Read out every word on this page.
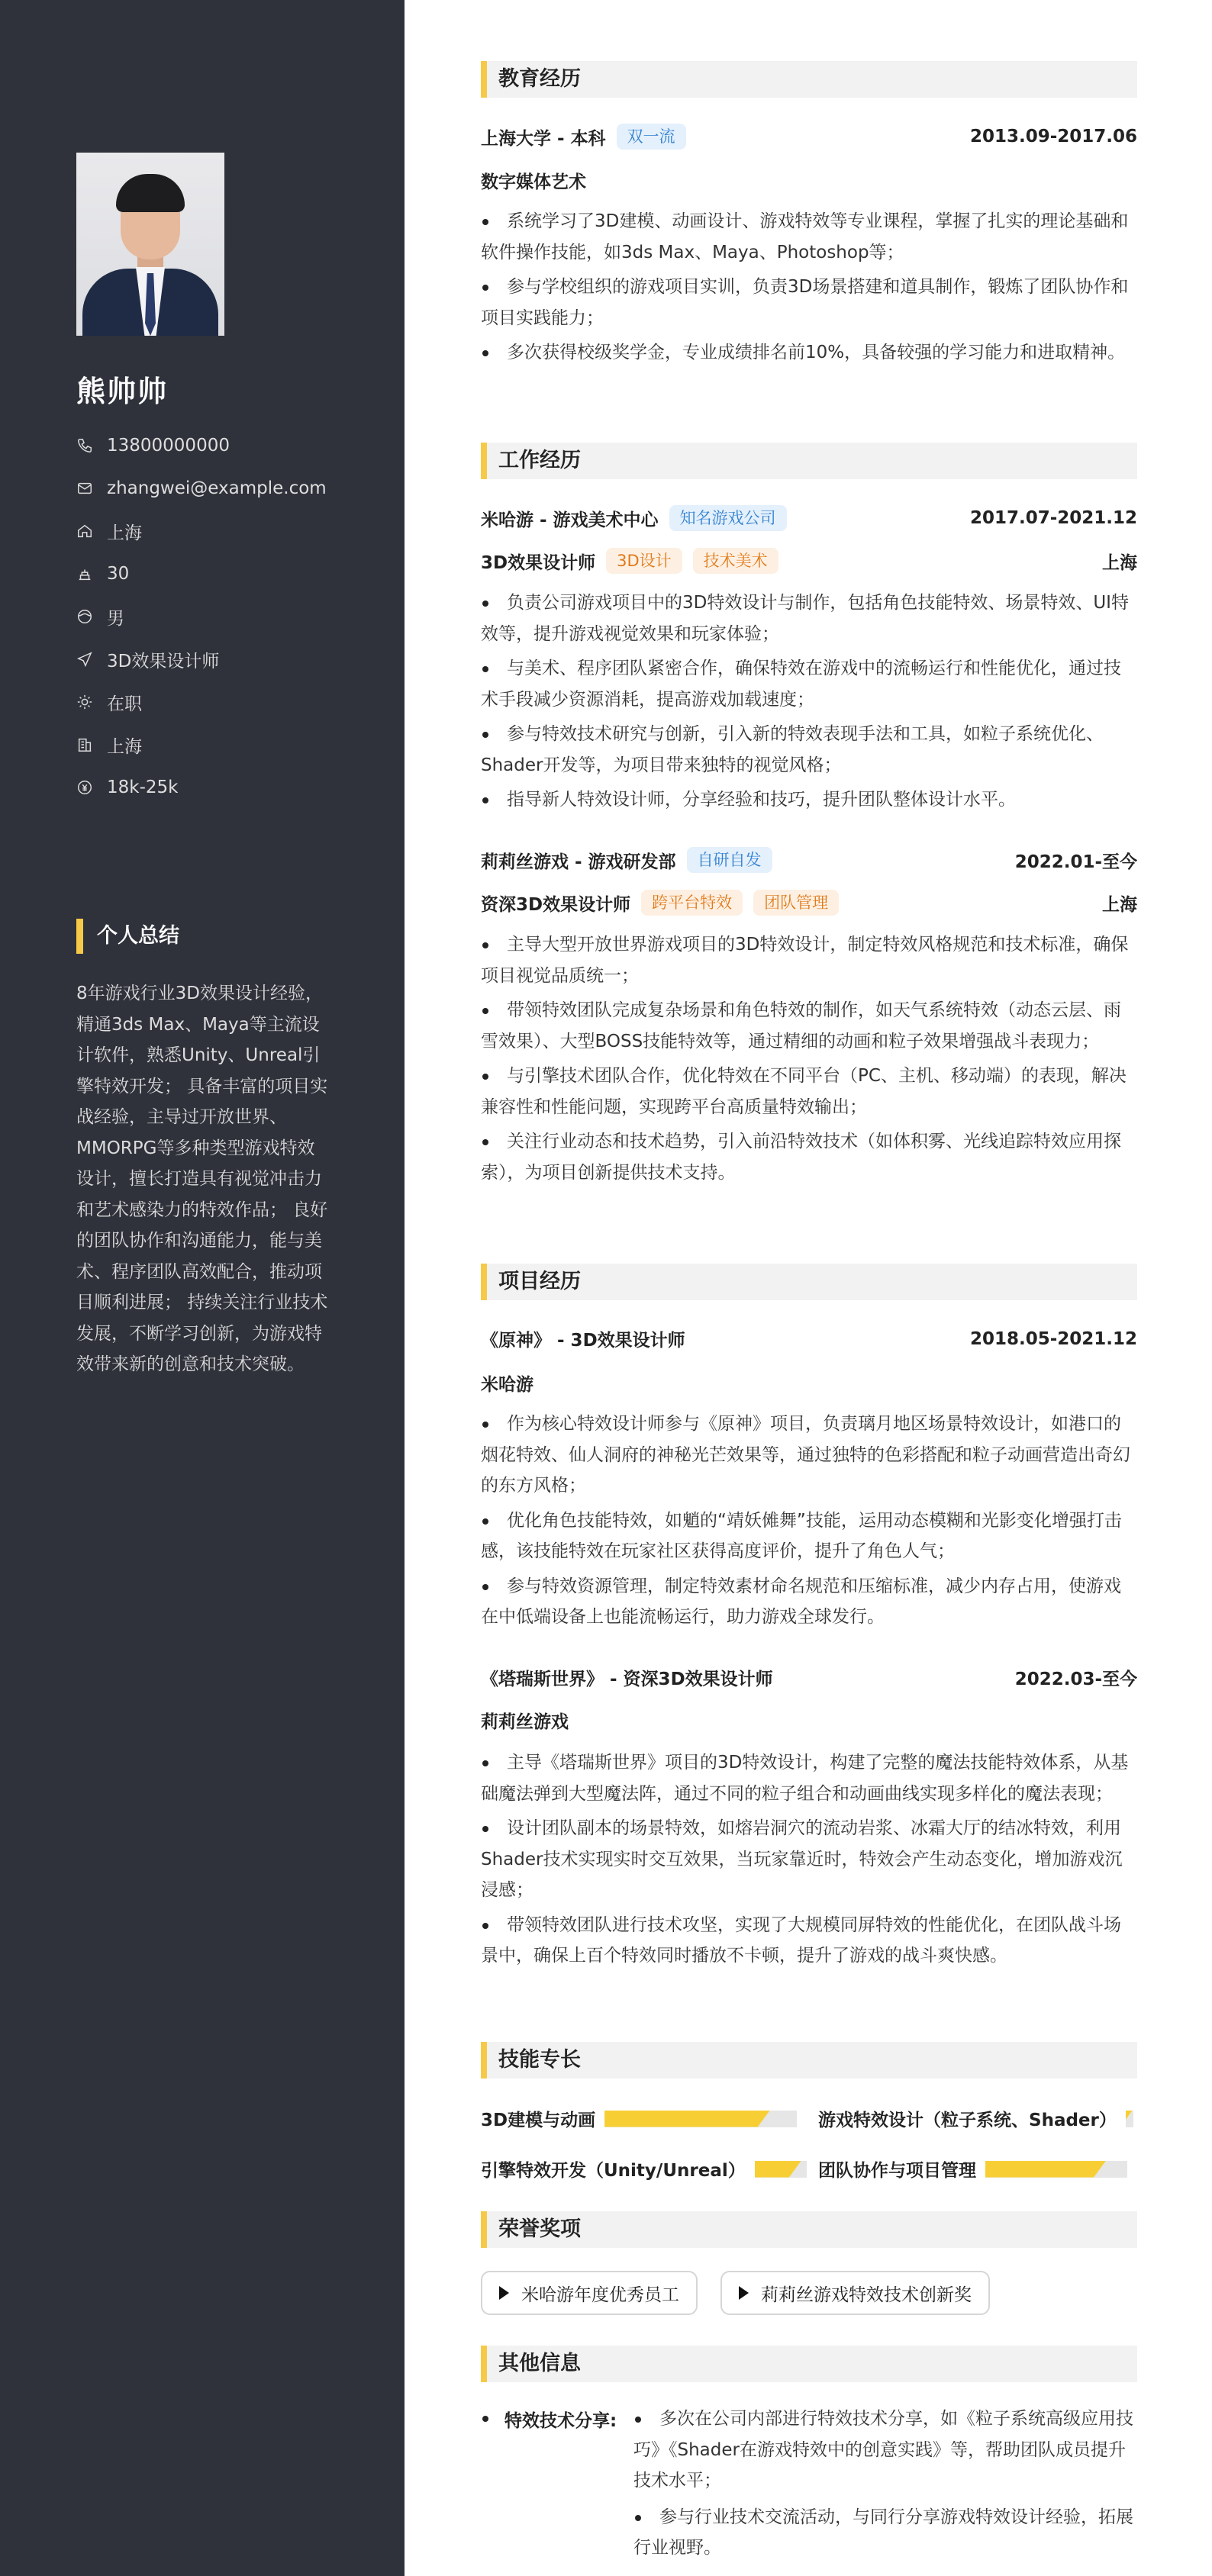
熊帅帅
13800000000
zhangwei@example.com
上海
30
男
3D效果设计师
在职
上海
18k-25k
个人总结
8年游戏行业3D效果设计经验，精通3ds Max、Maya等主流设计软件，熟悉Unity、Unreal引擎特效开发； 具备丰富的项目实战经验，主导过开放世界、MMORPG等多种类型游戏特效设计，擅长打造具有视觉冲击力和艺术感染力的特效作品； 良好的团队协作和沟通能力，能与美术、程序团队高效配合，推动项目顺利进展； 持续关注行业技术发展，不断学习创新，为游戏特效带来新的创意和技术突破。
教育经历
上海大学 - 本科	双一流	2013.09-2017.06
数字媒体艺术
系统学习了3D建模、动画设计、游戏特效等专业课程，掌握了扎实的理论基础和软件操作技能，如3ds Max、Maya、Photoshop等；
参与学校组织的游戏项目实训，负责3D场景搭建和道具制作，锻炼了团队协作和项目实践能力；
多次获得校级奖学金，专业成绩排名前10%，具备较强的学习能力和进取精神。
工作经历
米哈游 - 游戏美术中心	知名游戏公司	2017.07-2021.12
3D效果设计师	3D设计	技术美术	上海
负责公司游戏项目中的3D特效设计与制作，包括角色技能特效、场景特效、UI特效等，提升游戏视觉效果和玩家体验；
与美术、程序团队紧密合作，确保特效在游戏中的流畅运行和性能优化，通过技术手段减少资源消耗，提高游戏加载速度；
参与特效技术研究与创新，引入新的特效表现手法和工具，如粒子系统优化、Shader开发等，为项目带来独特的视觉风格；
指导新人特效设计师，分享经验和技巧，提升团队整体设计水平。
莉莉丝游戏 - 游戏研发部	自研自发	2022.01-至今
资深3D效果设计师	跨平台特效	团队管理	上海
主导大型开放世界游戏项目的3D特效设计，制定特效风格规范和技术标准，确保项目视觉品质统一；
带领特效团队完成复杂场景和角色特效的制作，如天气系统特效（动态云层、雨雪效果）、大型BOSS技能特效等，通过精细的动画和粒子效果增强战斗表现力；
与引擎技术团队合作，优化特效在不同平台（PC、主机、移动端）的表现，解决兼容性和性能问题，实现跨平台高质量特效输出；
关注行业动态和技术趋势，引入前沿特效技术（如体积雾、光线追踪特效应用探索），为项目创新提供技术支持。
项目经历
《原神》 - 3D效果设计师	2018.05-2021.12
米哈游
作为核心特效设计师参与《原神》项目，负责璃月地区场景特效设计，如港口的烟花特效、仙人洞府的神秘光芒效果等，通过独特的色彩搭配和粒子动画营造出奇幻的东方风格；
优化角色技能特效，如魈的“靖妖傩舞”技能，运用动态模糊和光影变化增强打击感，该技能特效在玩家社区获得高度评价，提升了角色人气；
参与特效资源管理，制定特效素材命名规范和压缩标准，减少内存占用，使游戏在中低端设备上也能流畅运行，助力游戏全球发行。
《塔瑞斯世界》 - 资深3D效果设计师	2022.03-至今
莉莉丝游戏
主导《塔瑞斯世界》项目的3D特效设计，构建了完整的魔法技能特效体系，从基础魔法弹到大型魔法阵，通过不同的粒子组合和动画曲线实现多样化的魔法表现；
设计团队副本的场景特效，如熔岩洞穴的流动岩浆、冰霜大厅的结冰特效，利用Shader技术实现实时交互效果，当玩家靠近时，特效会产生动态变化，增加游戏沉浸感；
带领特效团队进行技术攻坚，实现了大规模同屏特效的性能优化，在团队战斗场景中，确保上百个特效同时播放不卡顿，提升了游戏的战斗爽快感。
技能专长
3D建模与动画	游戏特效设计（粒子系统、Shader）
引擎特效开发（Unity/Unreal）	团队协作与项目管理
荣誉奖项
米哈游年度优秀员工	莉莉丝游戏特效技术创新奖
其他信息
特效技术分享:	多次在公司内部进行特效技术分享，如《粒子系统高级应用技巧》《Shader在游戏特效中的创意实践》等，帮助团队成员提升技术水平；
参与行业技术交流活动，与同行分享游戏特效设计经验，拓展行业视野。
